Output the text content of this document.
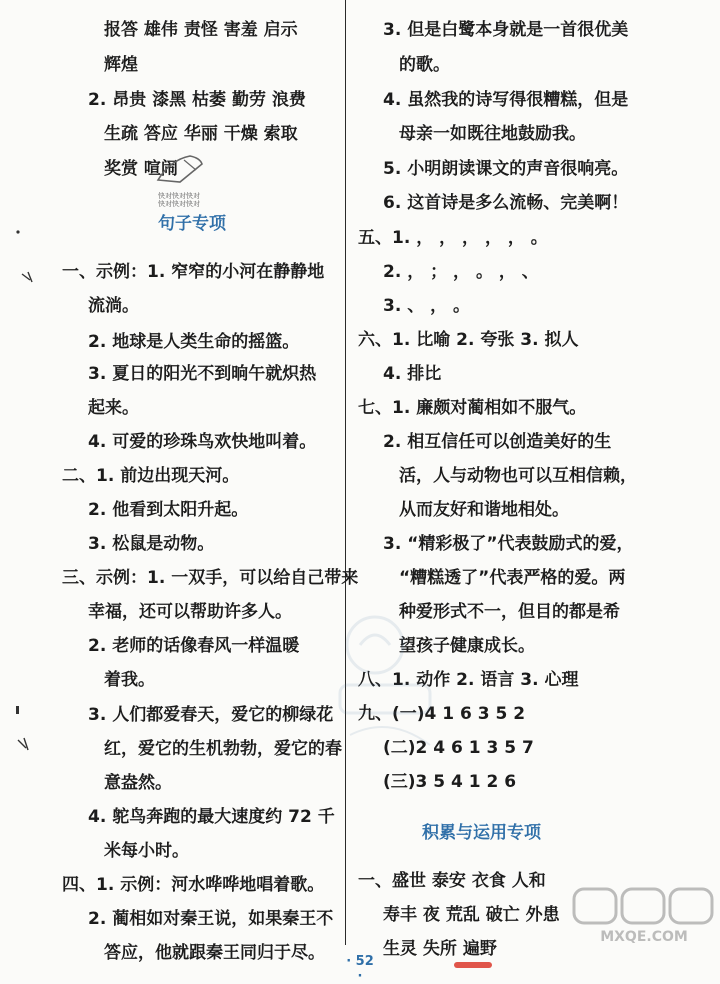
报答 雄伟 责怪 害羞 启示
辉煌
2. 昂贵 漆黑 枯萎 勤劳 浪费
生疏 答应 华丽 干燥 索取
奖赏 喧闹
一、示例：1. 窄窄的小河在静静地
流淌。
2. 地球是人类生命的摇篮。
3. 夏日的阳光不到晌午就炽热
起来。
4. 可爱的珍珠鸟欢快地叫着。
二、1. 前边出现天河。
2. 他看到太阳升起。
3. 松鼠是动物。
三、示例：1. 一双手，可以给自己带来
幸福，还可以帮助许多人。
2. 老师的话像春风一样温暖
着我。
3. 人们都爱春天，爱它的柳绿花
红，爱它的生机勃勃，爱它的春
意盎然。
4. 鸵鸟奔跑的最大速度约 72 千
米每小时。
四、1. 示例：河水哗哗地唱着歌。
2. 蔺相如对秦王说，如果秦王不
答应，他就跟秦王同归于尽。
3. 但是白鹭本身就是一首很优美
的歌。
4. 虽然我的诗写得很糟糕，但是
母亲一如既往地鼓励我。
5. 小明朗读课文的声音很响亮。
6. 这首诗是多么流畅、完美啊！
五、1. ， ， ， ， ， 。
2. ， ； ， 。 ， 、
3. 、 ， 。
六、1. 比喻 2. 夸张 3. 拟人
4. 排比
七、1. 廉颇对蔺相如不服气。
2. 相互信任可以创造美好的生
活，人与动物也可以互相信赖，
从而友好和谐地相处。
3. “精彩极了”代表鼓励式的爱，
“糟糕透了”代表严格的爱。两
种爱形式不一，但目的都是希
望孩子健康成长。
八、1. 动作 2. 语言 3. 心理
九、(一)4 1 6 3 5 2
(二)2 4 6 1 3 5 7
(三)3 5 4 1 2 6
一、盛世 泰安 衣食 人和
寿丰 夜 荒乱 破亡 外患
生灵 失所 遍野
快对快对快对
快对快对快对
句子专项
积累与运用专项
MXQE.COM
· 52 ·
